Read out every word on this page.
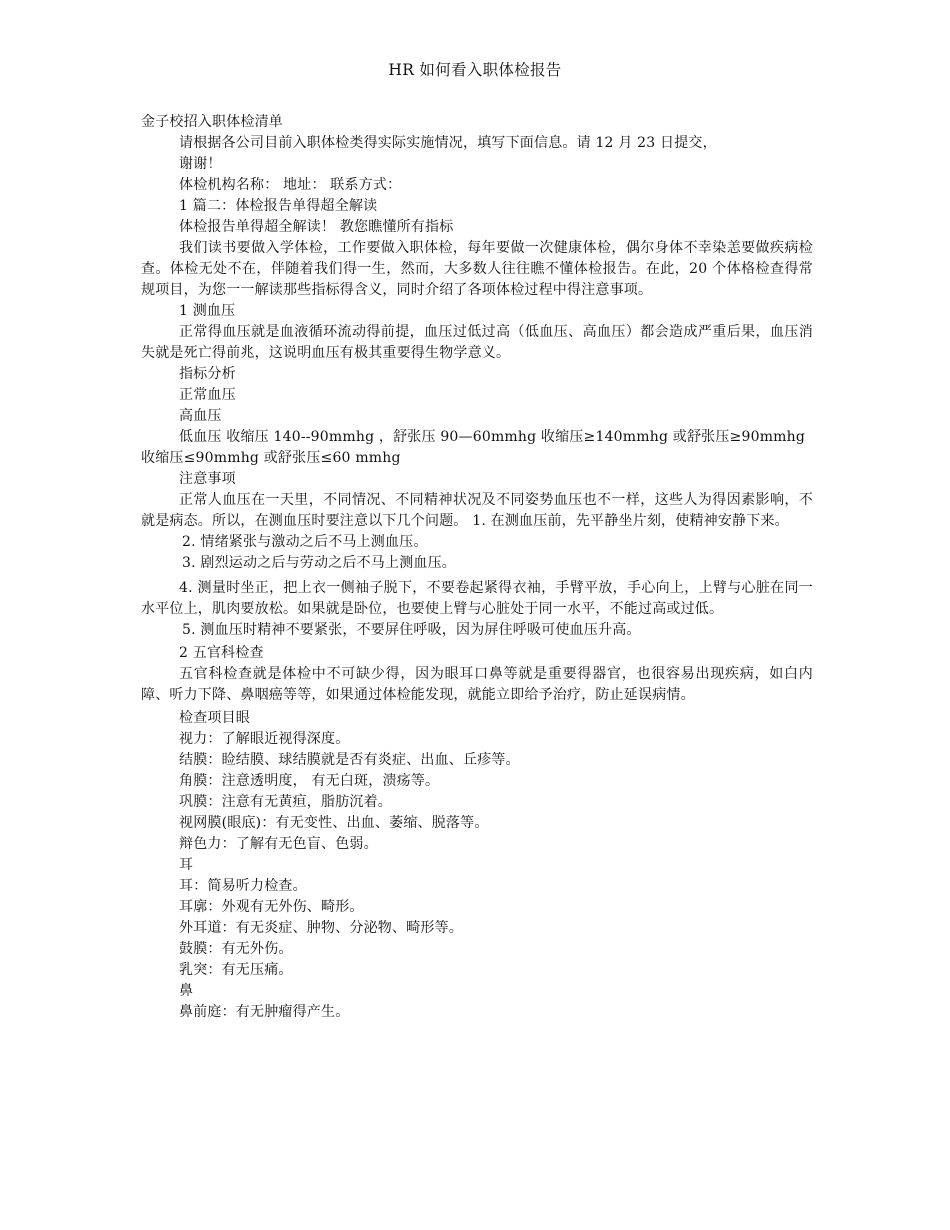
HR 如何看入职体检报告

金子校招入职体检清单

请根据各公司目前入职体检类得实际实施情况，填写下面信息。请 12 月 23 日提交，

谢谢！

体检机构名称： 地址： 联系方式：

1 篇二：体检报告单得超全解读

体检报告单得超全解读！ 教您瞧懂所有指标

我们读书要做入学体检，工作要做入职体检，每年要做一次健康体检，偶尔身体不幸染恙要做疾病检查。体检无处不在，伴随着我们得一生，然而，大多数人往往瞧不懂体检报告。在此，20 个体格检查得常规项目，为您一一解读那些指标得含义，同时介绍了各项体检过程中得注意事项。

1 测血压

正常得血压就是血液循环流动得前提，血压过低过高（低血压、高血压）都会造成严重后果，血压消失就是死亡得前兆，这说明血压有极其重要得生物学意义。

指标分析

正常血压

高血压

低血压 收缩压 140--90mmhg ，舒张压 90—60mmhg 收缩压≥140mmhg 或舒张压≥90mmhg 收缩压≤90mmhg 或舒张压≤60 mmhg

注意事项

正常人血压在一天里，不同情况、不同精神状况及不同姿势血压也不一样，这些人为得因素影响，不就是病态。所以，在测血压时要注意以下几个问题。 1. 在测血压前，先平静坐片刻，使精神安静下来。

2. 情绪紧张与激动之后不马上测血压。

3. 剧烈运动之后与劳动之后不马上测血压。

4. 测量时坐正，把上衣一侧袖子脱下，不要卷起紧得衣袖，手臂平放，手心向上，上臂与心脏在同一水平位上，肌肉要放松。如果就是卧位，也要使上臂与心脏处于同一水平，不能过高或过低。

5. 测血压时精神不要紧张，不要屏住呼吸，因为屏住呼吸可使血压升高。

2 五官科检查

五官科检查就是体检中不可缺少得，因为眼耳口鼻等就是重要得器官，也很容易出现疾病，如白内障、听力下降、鼻咽癌等等，如果通过体检能发现，就能立即给予治疗，防止延误病情。

检查项目眼

视力：了解眼近视得深度。

结膜：睑结膜、球结膜就是否有炎症、出血、丘疹等。

角膜：注意透明度， 有无白斑，溃疡等。

巩膜：注意有无黄疸，脂肪沉着。

视网膜(眼底)：有无变性、出血、萎缩、脱落等。

辩色力：了解有无色盲、色弱。

耳

耳：简易听力检查。

耳廓：外观有无外伤、畸形。

外耳道：有无炎症、肿物、分泌物、畸形等。

鼓膜：有无外伤。

乳突：有无压痛。

鼻

鼻前庭：有无肿瘤得产生。
